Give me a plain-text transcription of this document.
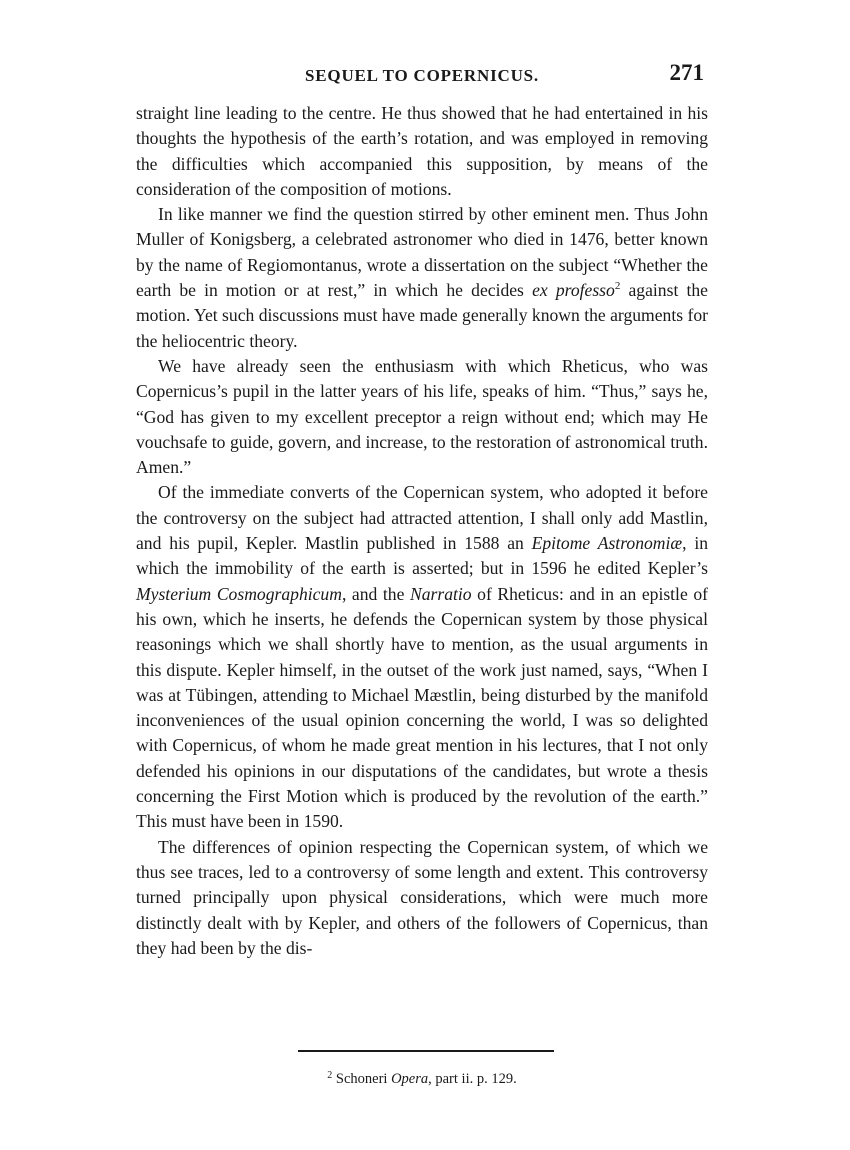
SEQUEL TO COPERNICUS.	271

straight line leading to the centre. He thus showed that he had entertained in his thoughts the hypothesis of the earth’s rotation, and was employed in removing the difficulties which accompanied this supposition, by means of the consideration of the composition of motions.

In like manner we find the question stirred by other eminent men. Thus John Muller of Konigsberg, a celebrated astronomer who died in 1476, better known by the name of Regiomontanus, wrote a dissertation on the subject “Whether the earth be in motion or at rest,” in which he decides ex professo$^2$ against the motion. Yet such discussions must have made generally known the arguments for the heliocentric theory.

We have already seen the enthusiasm with which Rheticus, who was Copernicus’s pupil in the latter years of his life, speaks of him. “Thus,” says he, “God has given to my excellent preceptor a reign without end; which may He vouchsafe to guide, govern, and increase, to the restoration of astronomical truth. Amen.”

Of the immediate converts of the Copernican system, who adopted it before the controversy on the subject had attracted attention, I shall only add Mastlin, and his pupil, Kepler. Mastlin published in 1588 an Epitome Astronomiæ, in which the immobility of the earth is asserted; but in 1596 he edited Kepler’s Mysterium Cosmographicum, and the Narratio of Rheticus: and in an epistle of his own, which he inserts, he defends the Copernican system by those physical reasonings which we shall shortly have to mention, as the usual arguments in this dispute. Kepler himself, in the outset of the work just named, says, “When I was at Tübingen, attending to Michael Mæstlin, being disturbed by the manifold inconveniences of the usual opinion concerning the world, I was so delighted with Copernicus, of whom he made great mention in his lectures, that I not only defended his opinions in our disputations of the candidates, but wrote a thesis concerning the First Motion which is produced by the revolution of the earth.” This must have been in 1590.

The differences of opinion respecting the Copernican system, of which we thus see traces, led to a controversy of some length and extent. This controversy turned principally upon physical considerations, which were much more distinctly dealt with by Kepler, and others of the followers of Copernicus, than they had been by the dis-

$^2$ Schoneri Opera, part ii. p. 129.
